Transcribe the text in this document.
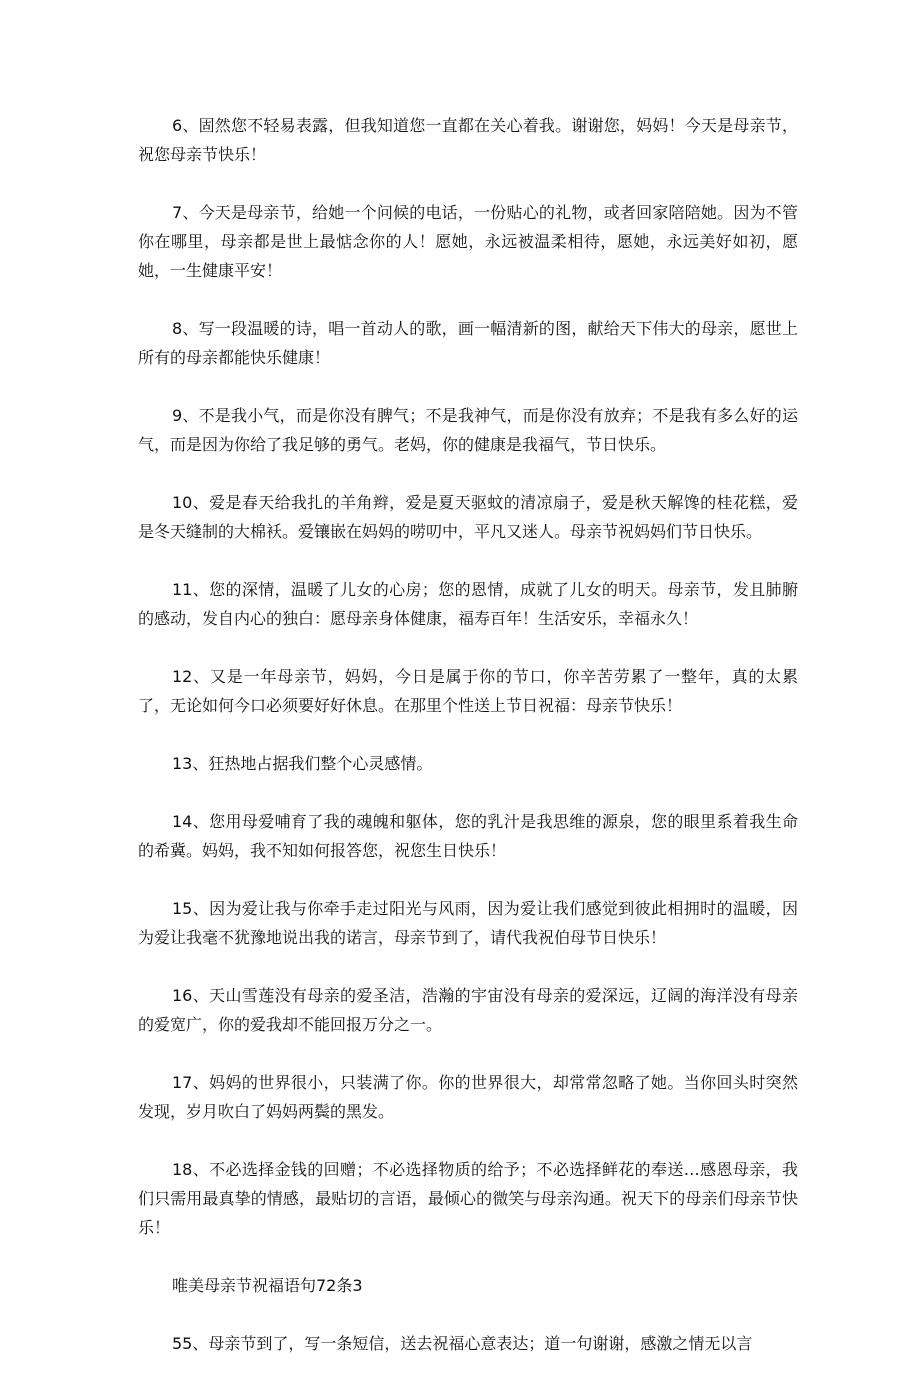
6、固然您不轻易表露，但我知道您一直都在关心着我。谢谢您，妈妈！今天是母亲节，祝您母亲节快乐！

7、今天是母亲节，给她一个问候的电话，一份贴心的礼物，或者回家陪陪她。因为不管你在哪里，母亲都是世上最惦念你的人！愿她，永远被温柔相待，愿她，永远美好如初，愿她，一生健康平安！

8、写一段温暖的诗，唱一首动人的歌，画一幅清新的图，献给天下伟大的母亲，愿世上所有的母亲都能快乐健康！

9、不是我小气，而是你没有脾气；不是我神气，而是你没有放弃；不是我有多么好的运气，而是因为你给了我足够的勇气。老妈，你的健康是我福气，节日快乐。

10、爱是春天给我扎的羊角辫，爱是夏天驱蚊的清凉扇子，爱是秋天解馋的桂花糕，爱是冬天缝制的大棉袄。爱镶嵌在妈妈的唠叨中，平凡又迷人。母亲节祝妈妈们节日快乐。

11、您的深情，温暖了儿女的心房；您的恩情，成就了儿女的明天。母亲节，发且肺腑的感动，发自内心的独白：愿母亲身体健康，福寿百年！生活安乐，幸福永久！

12、又是一年母亲节，妈妈，今日是属于你的节口，你辛苦劳累了一整年，真的太累了，无论如何今口必须要好好休息。在那里个性送上节日祝福：母亲节快乐！

13、狂热地占据我们整个心灵感情。

14、您用母爱哺育了我的魂魄和躯体，您的乳汁是我思维的源泉，您的眼里系着我生命的希冀。妈妈，我不知如何报答您，祝您生日快乐！

15、因为爱让我与你牵手走过阳光与风雨，因为爱让我们感觉到彼此相拥时的温暖，因为爱让我毫不犹豫地说出我的诺言，母亲节到了，请代我祝伯母节日快乐！

16、天山雪莲没有母亲的爱圣洁，浩瀚的宇宙没有母亲的爱深远，辽阔的海洋没有母亲的爱宽广，你的爱我却不能回报万分之一。

17、妈妈的世界很小，只装满了你。你的世界很大，却常常忽略了她。当你回头时突然发现，岁月吹白了妈妈两鬓的黑发。

18、不必选择金钱的回赠；不必选择物质的给予；不必选择鲜花的奉送…感恩母亲，我们只需用最真挚的情感，最贴切的言语，最倾心的微笑与母亲沟通。祝天下的母亲们母亲节快乐！

唯美母亲节祝福语句72条3

55、母亲节到了，写一条短信，送去祝福心意表达；道一句谢谢，感激之情无以言
